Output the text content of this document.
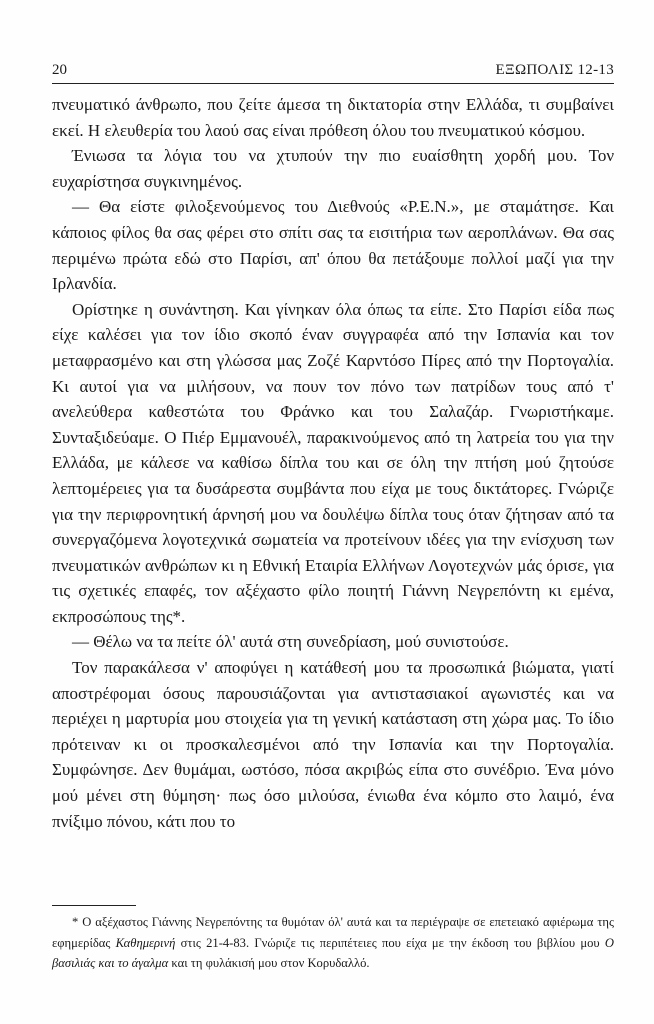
20	ΕΞΩΠΟΛΙΣ 12-13

πνευματικό άνθρωπο, που ζείτε άμεσα τη δικτατορία στην Ελλάδα, τι συμβαίνει εκεί. Η ελευθερία του λαού σας είναι πρόθεση όλου του πνευματικού κόσμου.

Ένιωσα τα λόγια του να χτυπούν την πιο ευαίσθητη χορδή μου. Τον ευχαρίστησα συγκινημένος.

— Θα είστε φιλοξενούμενος του Διεθνούς «P.E.N.», με σταμάτησε. Και κάποιος φίλος θα σας φέρει στο σπίτι σας τα εισιτήρια των αεροπλάνων. Θα σας περιμένω πρώτα εδώ στο Παρίσι, απ' όπου θα πετάξουμε πολλοί μαζί για την Ιρλανδία.

Ορίστηκε η συνάντηση. Και γίνηκαν όλα όπως τα είπε. Στο Παρίσι είδα πως είχε καλέσει για τον ίδιο σκοπό έναν συγγραφέα από την Ισπανία και τον μεταφρασμένο και στη γλώσσα μας Ζοζέ Καρντόσο Πίρες από την Πορτογαλία. Κι αυτοί για να μιλήσουν, να πουν τον πόνο των πατρίδων τους από τ' ανελεύθερα καθεστώτα του Φράνκο και του Σαλαζάρ. Γνωριστήκαμε. Συνταξιδεύαμε. Ο Πιέρ Εμμανουέλ, παρακινούμενος από τη λατρεία του για την Ελλάδα, με κάλεσε να καθίσω δίπλα του και σε όλη την πτήση μού ζητούσε λεπτομέρειες για τα δυσάρεστα συμβάντα που είχα με τους δικτάτορες. Γνώριζε για την περιφρονητική άρνησή μου να δουλέψω δίπλα τους όταν ζήτησαν από τα συνεργαζόμενα λογοτεχνικά σωματεία να προτείνουν ιδέες για την ενίσχυση των πνευματικών ανθρώπων κι η Εθνική Εταιρία Ελλήνων Λογοτεχνών μάς όρισε, για τις σχετικές επαφές, τον αξέχαστο φίλο ποιητή Γιάννη Νεγρεπόντη κι εμένα, εκπροσώπους της*.

— Θέλω να τα πείτε όλ' αυτά στη συνεδρίαση, μού συνιστούσε.

Τον παρακάλεσα ν' αποφύγει η κατάθεσή μου τα προσωπικά βιώματα, γιατί αποστρέφομαι όσους παρουσιάζονται για αντιστασιακοί αγωνιστές και να περιέχει η μαρτυρία μου στοιχεία για τη γενική κατάσταση στη χώρα μας. Το ίδιο πρότειναν κι οι προσκαλεσμένοι από την Ισπανία και την Πορτογαλία. Συμφώνησε. Δεν θυμάμαι, ωστόσο, πόσα ακριβώς είπα στο συνέδριο. Ένα μόνο μού μένει στη θύμηση· πως όσο μιλούσα, ένιωθα ένα κόμπο στο λαιμό, ένα πνίξιμο πόνου, κάτι που το

* Ο αξέχαστος Γιάννης Νεγρεπόντης τα θυμόταν όλ' αυτά και τα περιέγραψε σε επετειακό αφιέρωμα της εφημερίδας Καθημερινή στις 21-4-83. Γνώριζε τις περιπέτειες που είχα με την έκδοση του βιβλίου μου Ο βασιλιάς και το άγαλμα και τη φυλάκισή μου στον Κορυδαλλό.
